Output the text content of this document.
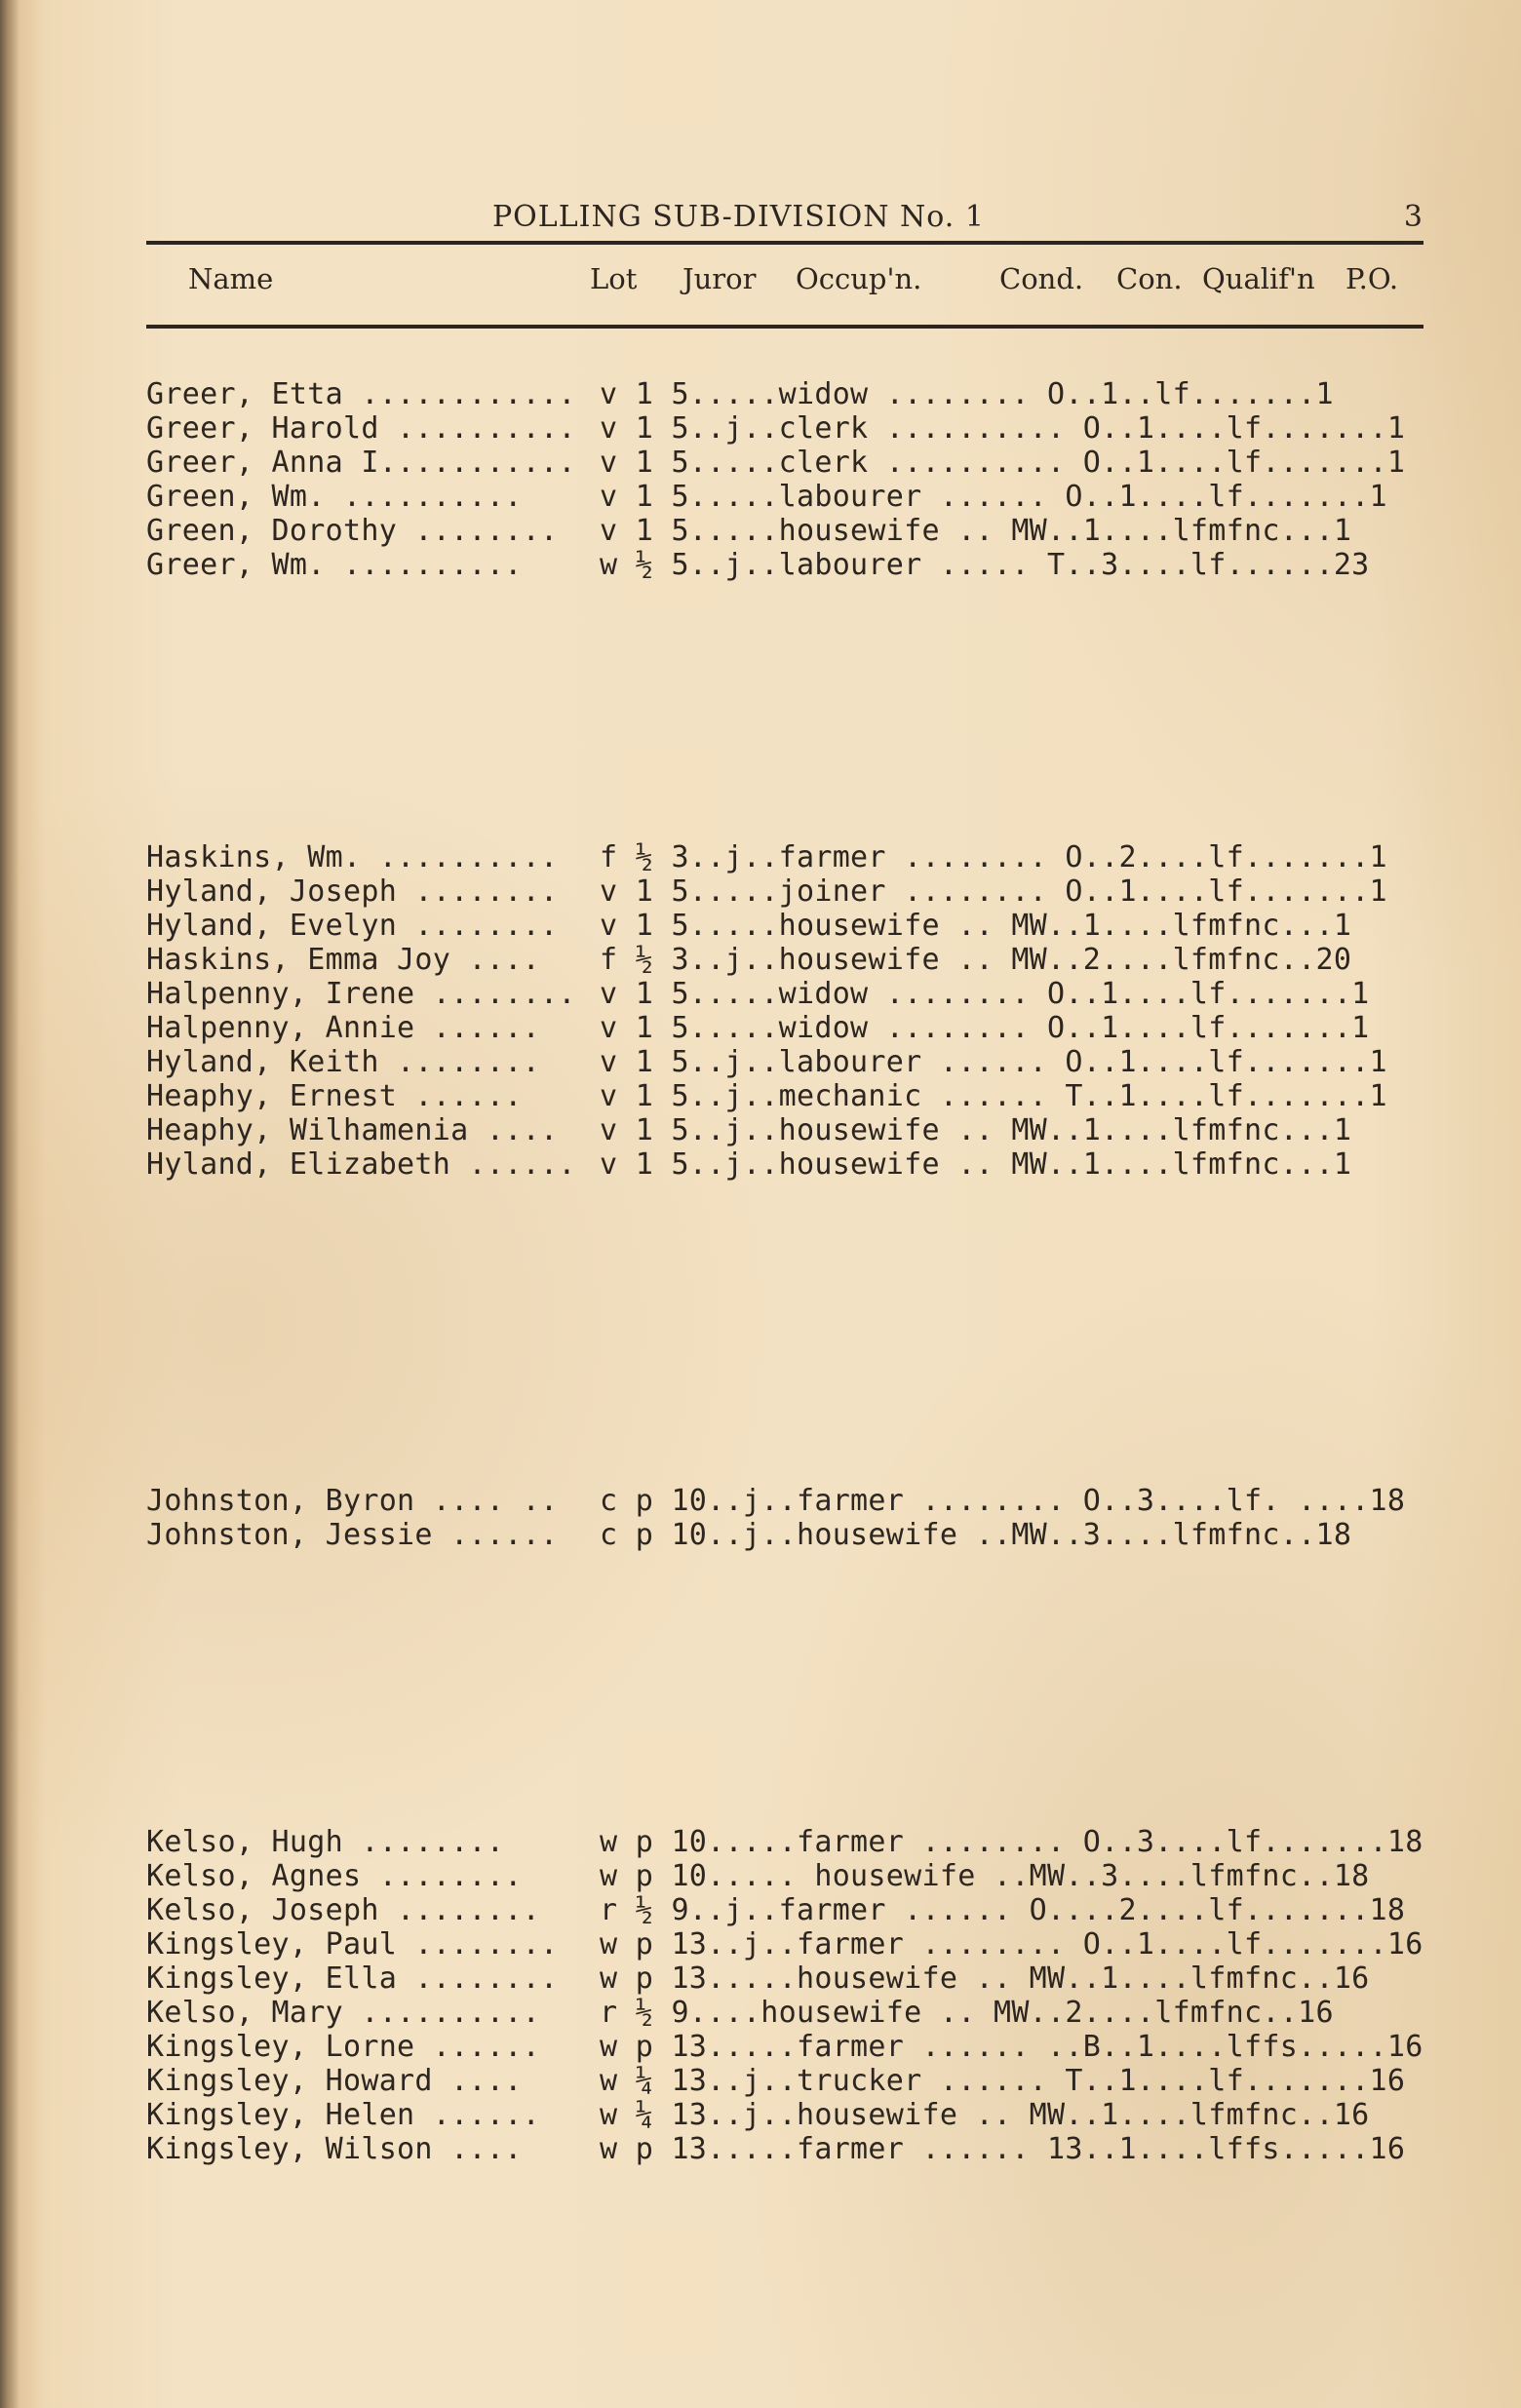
POLLING SUB-DIVISION No. 1	3
Name	Lot Juror Occup'n.	Cond. Con. Qualif'n P.O.
Greer, Etta ............ v 1 5.....widow ........ O..1..lf.......1
Greer, Harold .......... v 1 5..j..clerk .......... O..1....lf.......1
Greer, Anna I........... v 1 5.....clerk .......... O..1....lf.......1
Green, Wm. ..........	v 1 5.....labourer ...... O..1....lf.......1
Green, Dorothy ........ v 1 5.....housewife .. MW..1....lfmfnc...1
Greer, Wm. ..........	w ½ 5..j..labourer ..... T..3....lf......23
Haskins, Wm. .......... f ½ 3..j..farmer ........ O..2....lf.......1
Hyland, Joseph ........ v 1 5.....joiner ........ O..1....lf.......1
Hyland, Evelyn ........ v 1 5.....housewife .. MW..1....lfmfnc...1
Haskins, Emma Joy .... f ½ 3..j..housewife .. MW..2....lfmfnc..20
Halpenny, Irene ........ v 1 5.....widow ........ O..1....lf.......1
Halpenny, Annie ...... v 1 5.....widow ........ O..1....lf.......1
Hyland, Keith ........ v 1 5..j..labourer ...... O..1....lf.......1
Heaphy, Ernest ......	v 1 5..j..mechanic ...... T..1....lf.......1
Heaphy, Wilhamenia .... v 1 5..j..housewife .. MW..1....lfmfnc...1
Hyland, Elizabeth ...... v 1 5..j..housewife .. MW..1....lfmfnc...1
Johnston, Byron .... .. c p 10..j..farmer ........ O..3....lf. ....18
Johnston, Jessie ...... c p 10..j..housewife ..MW..3....lfmfnc..18
Kelso, Hugh ........	w p 10.....farmer ........ O..3....lf.......18
Kelso, Agnes ........	w p 10..... housewife ..MW..3....lfmfnc..18
Kelso, Joseph ........ r ½ 9..j..farmer ...... O....2....lf.......18
Kingsley, Paul ........ w p 13..j..farmer ........ O..1....lf.......16
Kingsley, Ella ........ w p 13.....housewife .. MW..1....lfmfnc..16
Kelso, Mary .......... r ½ 9....housewife .. MW..2....lfmfnc..16
Kingsley, Lorne ...... w p 13.....farmer ...... ..B..1....lffs.....16
Kingsley, Howard ....	w ¼ 13..j..trucker ...... T..1....lf.......16
Kingsley, Helen ...... w ¼ 13..j..housewife .. MW..1....lfmfnc..16
Kingsley, Wilson ....	w p 13.....farmer ...... 13..1....lffs.....16
